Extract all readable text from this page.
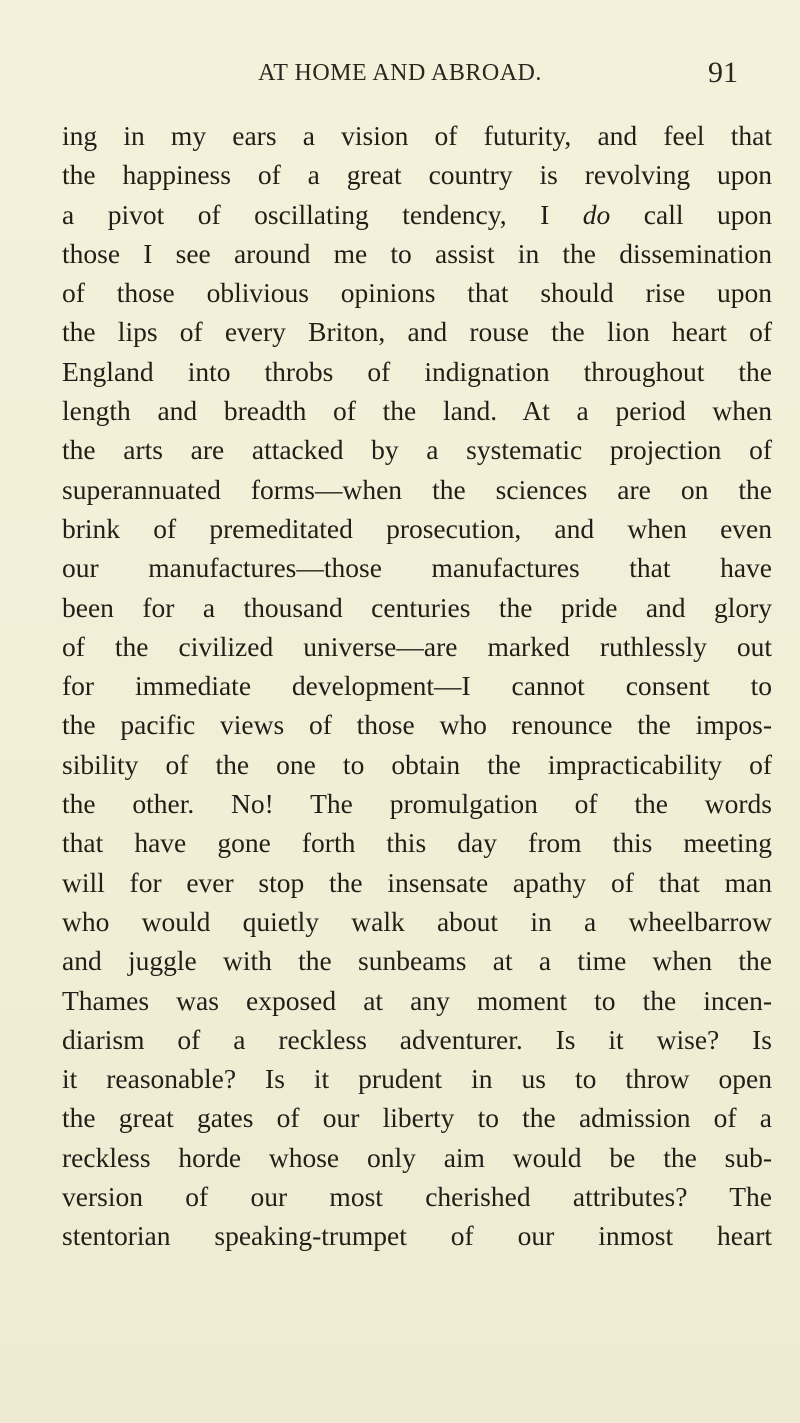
AT HOME AND ABROAD.	91
ing in my ears a vision of futurity, and feel that
the happiness of a great country is revolving upon
a pivot of oscillating tendency, I do call upon
those I see around me to assist in the dissemination
of those oblivious opinions that should rise upon
the lips of every Briton, and rouse the lion heart of
England into throbs of indignation throughout the
length and breadth of the land. At a period when
the arts are attacked by a systematic projection of
superannuated forms—when the sciences are on the
brink of premeditated prosecution, and when even
our manufactures—those manufactures that have
been for a thousand centuries the pride and glory
of the civilized universe—are marked ruthlessly out
for immediate development—I cannot consent to
the pacific views of those who renounce the impos-
sibility of the one to obtain the impracticability of
the other. No! The promulgation of the words
that have gone forth this day from this meeting
will for ever stop the insensate apathy of that man
who would quietly walk about in a wheelbarrow
and juggle with the sunbeams at a time when the
Thames was exposed at any moment to the incen-
diarism of a reckless adventurer. Is it wise? Is
it reasonable? Is it prudent in us to throw open
the great gates of our liberty to the admission of a
reckless horde whose only aim would be the sub-
version of our most cherished attributes? The
stentorian speaking-trumpet of our inmost heart
